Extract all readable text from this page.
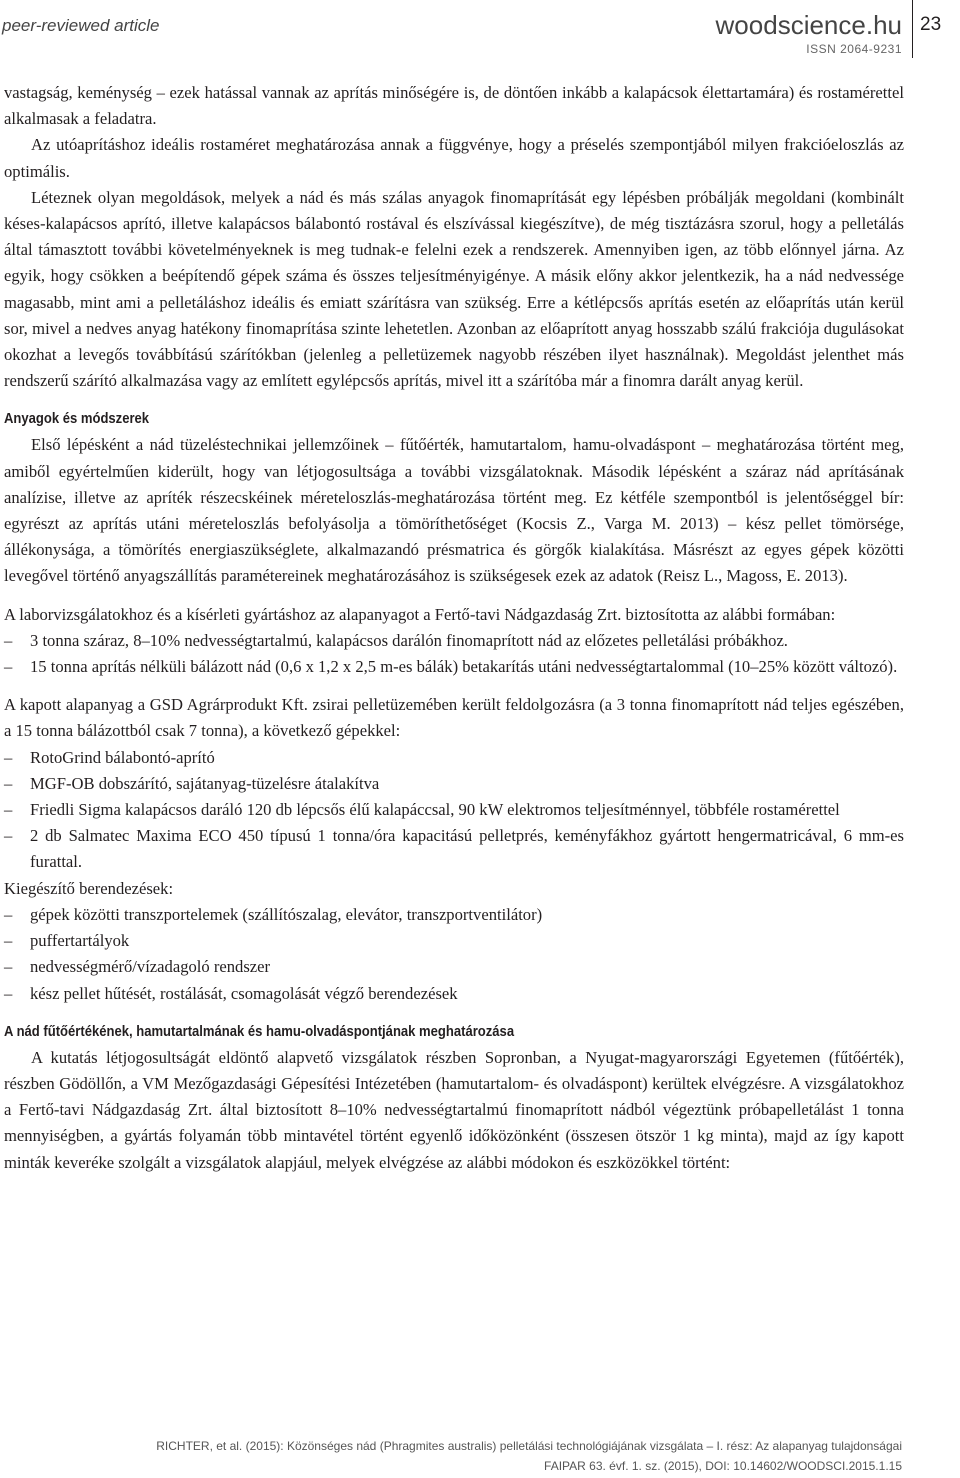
peer-reviewed article	woodscience.hu
ISSN 2064-9231
23

vastagság, keménység – ezek hatással vannak az aprítás minőségére is, de döntően inkább a kalapácsok élettartamára) és rostamérettel alkalmasak a feladatra.

Az utóaprításhoz ideális rostaméret meghatározása annak a függvénye, hogy a préselés szempontjából milyen frakcióeloszlás az optimális.

Léteznek olyan megoldások, melyek a nád és más szálas anyagok finomaprítását egy lépésben próbálják megoldani (kombinált késes-kalapácsos aprító, illetve kalapácsos bálabontó rostával és elszívással kiegészítve), de még tisztázásra szorul, hogy a pelletálás által támasztott további követelményeknek is meg tudnak-e felelni ezek a rendszerek. Amennyiben igen, az több előnnyel járna. Az egyik, hogy csökken a beépítendő gépek száma és összes teljesítményigénye. A másik előny akkor jelentkezik, ha a nád nedvessége magasabb, mint ami a pelletáláshoz ideális és emiatt szárításra van szükség. Erre a kétlépcsős aprítás esetén az előaprítás után kerül sor, mivel a nedves anyag hatékony finomaprítása szinte lehetetlen. Azonban az előaprított anyag hosszabb szálú frakciója dugulásokat okozhat a levegős továbbítású szárítókban (jelenleg a pelletüzemek nagyobb részében ilyet használnak). Megoldást jelenthet más rendszerű szárító alkalmazása vagy az említett egylépcsős aprítás, mivel itt a szárítóba már a finomra darált anyag kerül.

Anyagok és módszerek

Első lépésként a nád tüzeléstechnikai jellemzőinek – fűtőérték, hamutartalom, hamu-olvadáspont – meghatározása történt meg, amiből egyértelműen kiderült, hogy van létjogosultsága a további vizsgálatoknak. Második lépésként a száraz nád aprításának analízise, illetve az apríték részecskéinek méreteloszlás-meghatározása történt meg. Ez kétféle szempontból is jelentőséggel bír: egyrészt az aprítás utáni méreteloszlás befolyásolja a tömöríthetőséget (Kocsis Z., Varga M. 2013) – kész pellet tömörsége, állékonysága, a tömörítés energiaszükséglete, alkalmazandó présmatrica és görgők kialakítása. Másrészt az egyes gépek közötti levegővel történő anyagszállítás paramétereinek meghatározásához is szükségesek ezek az adatok (Reisz L., Magoss, E. 2013).

A laborvizsgálatokhoz és a kísérleti gyártáshoz az alapanyagot a Fertő-tavi Nádgazdaság Zrt. biztosította az alábbi formában:

– 3 tonna száraz, 8–10% nedvességtartalmú, kalapácsos darálón finomaprított nád az előzetes pelletálási próbákhoz.
– 15 tonna aprítás nélküli bálázott nád (0,6 x 1,2 x 2,5 m-es bálák) betakarítás utáni nedvességtartalommal (10–25% között változó).

A kapott alapanyag a GSD Agrárprodukt Kft. zsirai pelletüzemében került feldolgozásra (a 3 tonna finomaprított nád teljes egészében, a 15 tonna bálázottból csak 7 tonna), a következő gépekkel:

– RotoGrind bálabontó-aprító
– MGF-OB dobszárító, sajátanyag-tüzelésre átalakítva
– Friedli Sigma kalapácsos daráló 120 db lépcsős élű kalapáccsal, 90 kW elektromos teljesítménnyel, többféle rostamérettel
– 2 db Salmatec Maxima ECO 450 típusú 1 tonna/óra kapacitású pelletprés, keményfákhoz gyártott hengermatricával, 6 mm-es furattal.

Kiegészítő berendezések:

– gépek közötti transzportelemek (szállítószalag, elevátor, transzportventilátor)
– puffertartályok
– nedvességmérő/vízadagoló rendszer
– kész pellet hűtését, rostálását, csomagolását végző berendezések
A nád fűtőértékének, hamutartalmának és hamu-olvadáspontjának meghatározása

A kutatás létjogosultságát eldöntő alapvető vizsgálatok részben Sopronban, a Nyugat-magyarországi Egyetemen (fűtőérték), részben Gödöllőn, a VM Mezőgazdasági Gépesítési Intézetében (hamutartalom- és olvadáspont) kerültek elvégzésre. A vizsgálatokhoz a Fertő-tavi Nádgazdaság Zrt. által biztosított 8–10% nedvességtartalmú finomaprított nádból végeztünk próbapelletálást 1 tonna mennyiségben, a gyártás folyamán több mintavétel történt egyenlő időközönként (összesen ötször 1 kg minta), majd az így kapott minták keveréke szolgált a vizsgálatok alapjául, melyek elvégzése az alábbi módokon és eszközökkel történt:

RICHTER, et al. (2015): Közönséges nád (Phragmites australis) pelletálási technológiájának vizsgálata – I. rész: Az alapanyag tulajdonságai
FAIPAR 63. évf. 1. sz. (2015), DOI: 10.14602/WOODSCI.2015.1.15
